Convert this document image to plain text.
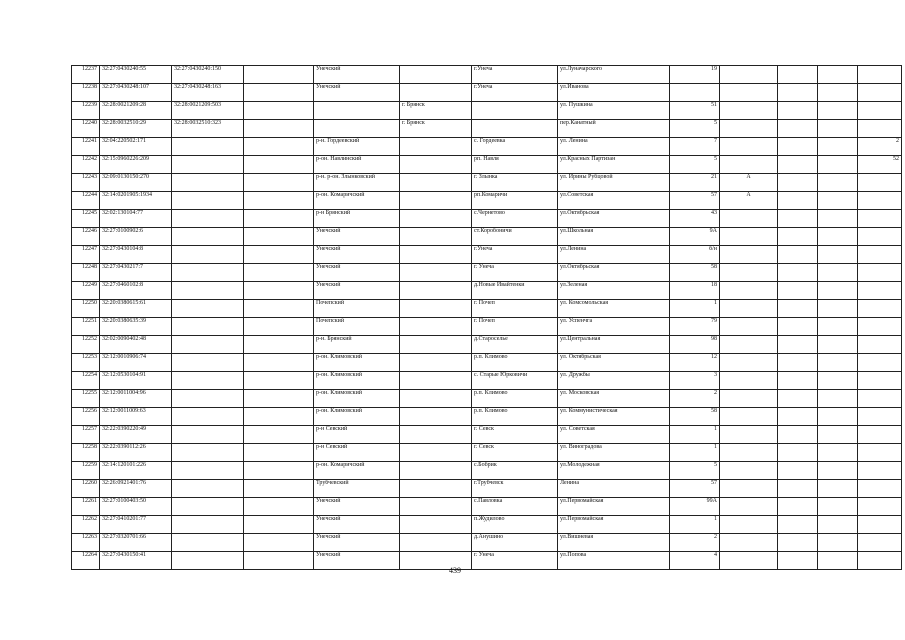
12237	32:27:0430240:55	32:27:0430240:150		Унечский		г.Унеча	ул.Луначарского	19				
12238	32:27:0430248:107	32:27:0430248:163		Унечский		г.Унеча	ул.Иванова					
12239	32:28:0021209:28	32:28:0021209:503			г. Брянск		ул. Пушкина	51				
12240	32:28:0032510:29	32:28:0032510:323			г. Брянск		пер.Канатный	5				
12241	32:04:220502:171			р-н. Гордеевский		с. Гордеевка	ул. Ленина	7				2
12242	32:15:0960226:209			р-он. Навлинский		рп. Навля	ул.Красных Партизан	5				52
12243	32:09:0130150:270			р-н. р-он. Злынковский		г. Злынка	ул. Ирины Рубцовой	21	А			
12244	32:14:0201905:1934			р-он. Комаричский		рп.Комаричи	ул.Советская	57	А			
12245	32:02:130104:77			р-н Брянский		с.Чернетово	ул.Октябрьская	43				
12246	32:27:0100902:6			Унечский		ст.Коробоничи	ул.Школьная	9А				
12247	32:27:0430104:8			Унечский		г.Унеча	ул.Ленина	б/н				
12248	32:27:0430217:7			Унечский		г. Унеча	ул.Октябрьская	58				
12249	32:27:0460102:8			Унечский		д.Новые Ивайтенки	ул.Зеленая	18				
12250	32:20:0380615:61			Почепский		г. Почеп	ул. Комсомольская	1				
12251	32:20:0380635:39			Почепский		г. Почеп	ул. Успенчга	79				
12252	32:02:0090402:48			р-н. Брянский		д.Староселье	ул.Центральная	98				
12253	32:12:0010906:74			р-он. Климовский		р.п. Климово	ул. Октябрьская	12				
12254	32:12:0530104:91			р-он. Климовский		с. Старые Юрковичи	ул. Дружбы	3				
12255	32:12:0011004:96			р-он. Климовский		р.п. Климово	ул. Московская	2				
12256	32:12:0011009:63			р-он. Климовский		р.п. Климово	ул. Коммунистическая	58				
12257	32:22:0390220:49			р-н Севский		г. Севск	ул. Советская	1				
12258	32:22:0390112:26			р-н Севский		г. Севск	ул. Виноградова	1				
12259	32:14:120101:226			р-он. Комаричский		с.Бобрик	ул.Молодежная	5				
12260	32:26:0921401:76			Трубчевский		г.Трубчевск	Ленина	57				
12261	32:27:0100403:50			Унечский		с.Павловка	ул.Первомайская	99А				
12262	32:27:0410201:77			Унечский		п.Жудилово	ул.Первомайская	1				
12263	32:27:0320701:66			Унечский		д.Анушино	ул.Вишневая	2				
12264	32:27:0430150:41			Унечский		г. Унеча	ул.Попова	4				
439
